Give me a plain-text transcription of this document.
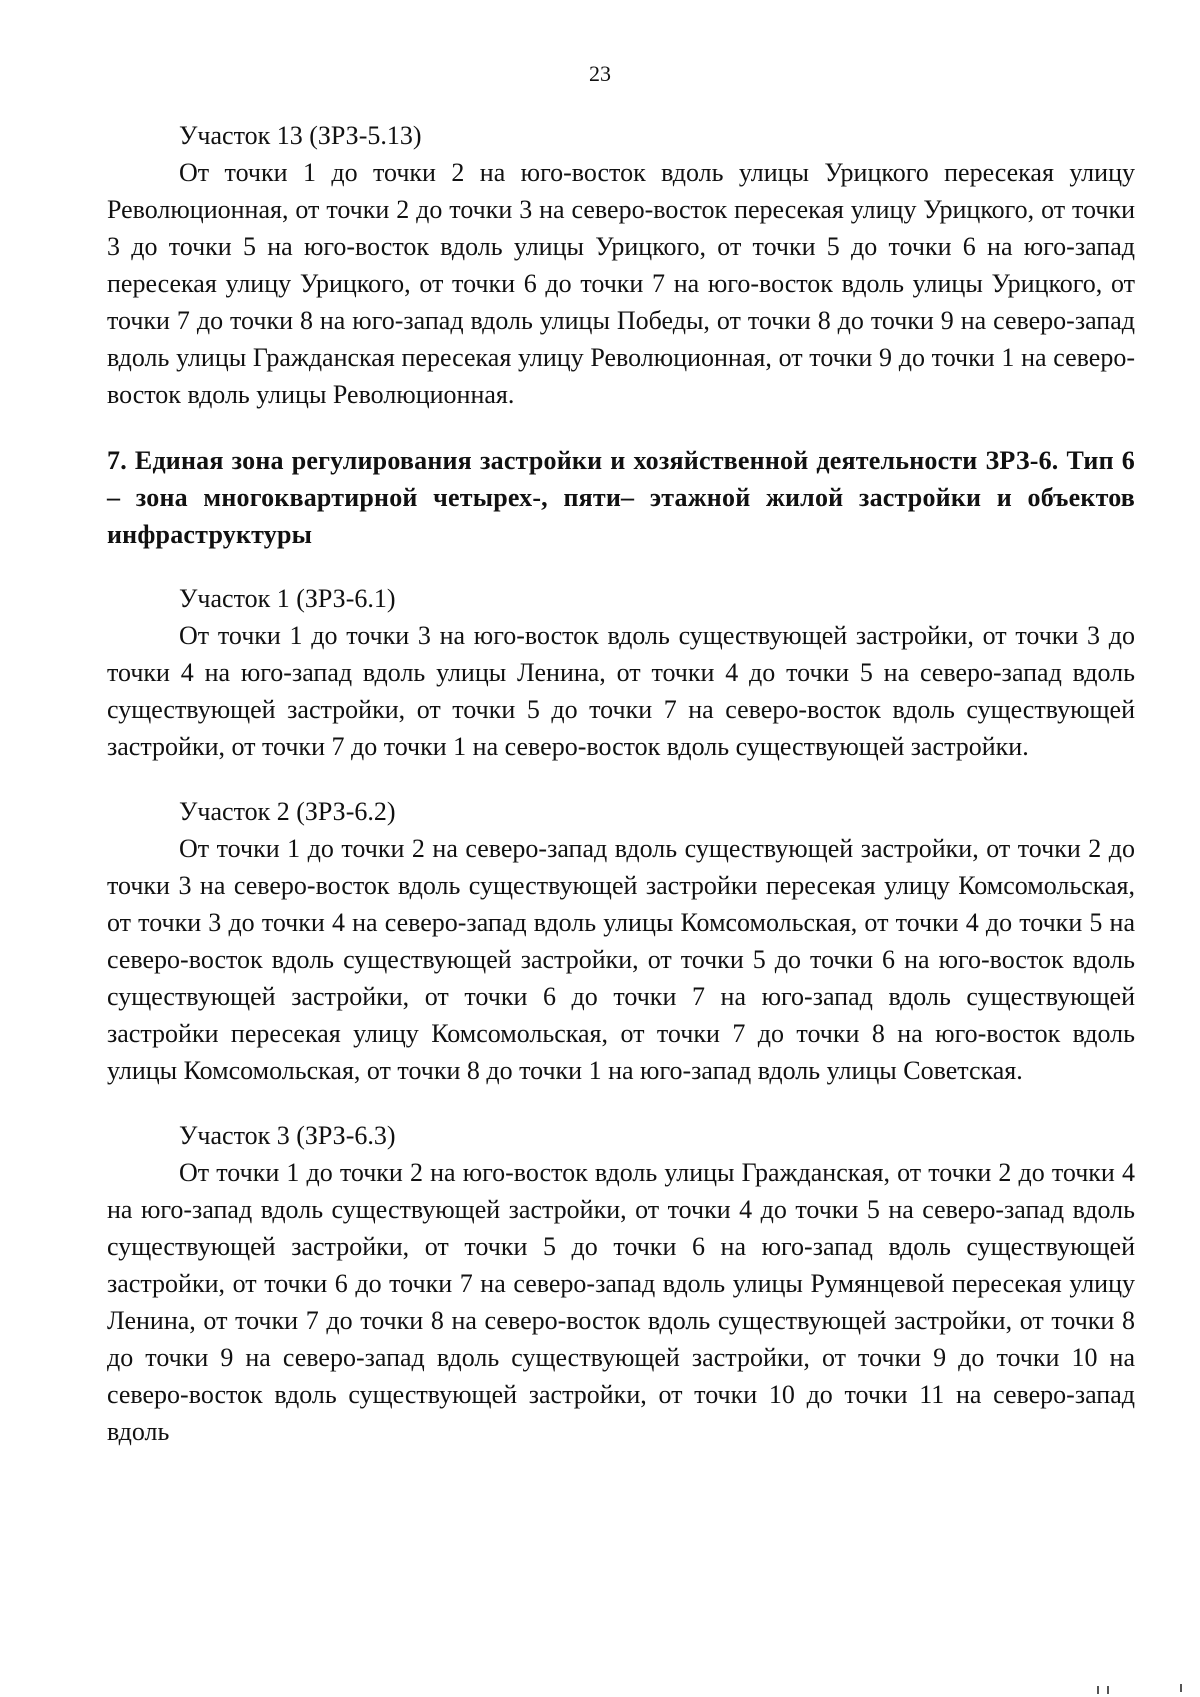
23

Участок 13 (ЗРЗ-5.13)

От точки 1 до точки 2 на юго-восток вдоль улицы Урицкого пересекая улицу Революционная, от точки 2 до точки 3 на северо-восток пересекая улицу Урицкого, от точки 3 до точки 5 на юго-восток вдоль улицы Урицкого, от точки 5 до точки 6 на юго-запад пересекая улицу Урицкого, от точки 6 до точки 7 на юго-восток вдоль улицы Урицкого, от точки 7 до точки 8 на юго-запад вдоль улицы Победы, от точки 8 до точки 9 на северо-запад вдоль улицы Гражданская пересекая улицу Революционная, от точки 9 до точки 1 на северо-восток вдоль улицы Революционная.

7. Единая зона регулирования застройки и хозяйственной деятельности ЗРЗ-6. Тип 6 – зона многоквартирной четырех-, пяти– этажной жилой застройки и объектов инфраструктуры

Участок 1 (ЗРЗ-6.1)

От точки 1 до точки 3 на юго-восток вдоль существующей застройки, от точки 3 до точки 4 на юго-запад вдоль улицы Ленина, от точки 4 до точки 5 на северо-запад вдоль существующей застройки, от точки 5 до точки 7 на северо-восток вдоль существующей застройки, от точки 7 до точки 1 на северо-восток вдоль существующей застройки.

Участок 2 (ЗРЗ-6.2)

От точки 1 до точки 2 на северо-запад вдоль существующей застройки, от точки 2 до точки 3 на северо-восток вдоль существующей застройки пересекая улицу Комсомольская, от точки 3 до точки 4 на северо-запад вдоль улицы Комсомольская, от точки 4 до точки 5 на северо-восток вдоль существующей застройки, от точки 5 до точки 6 на юго-восток вдоль существующей застройки, от точки 6 до точки 7 на юго-запад вдоль существующей застройки пересекая улицу Комсомольская, от точки 7 до точки 8 на юго-восток вдоль улицы Комсомольская, от точки 8 до точки 1 на юго-запад вдоль улицы Советская.

Участок 3 (ЗРЗ-6.3)

От точки 1 до точки 2 на юго-восток вдоль улицы Гражданская, от точки 2 до точки 4 на юго-запад вдоль существующей застройки, от точки 4 до точки 5 на северо-запад вдоль существующей застройки, от точки 5 до точки 6 на юго-запад вдоль существующей застройки, от точки 6 до точки 7 на северо-запад вдоль улицы Румянцевой пересекая улицу Ленина, от точки 7 до точки 8 на северо-восток вдоль существующей застройки, от точки 8 до точки 9 на северо-запад вдоль существующей застройки, от точки 9 до точки 10 на северо-восток вдоль существующей застройки, от точки 10 до точки 11 на северо-запад вдоль
